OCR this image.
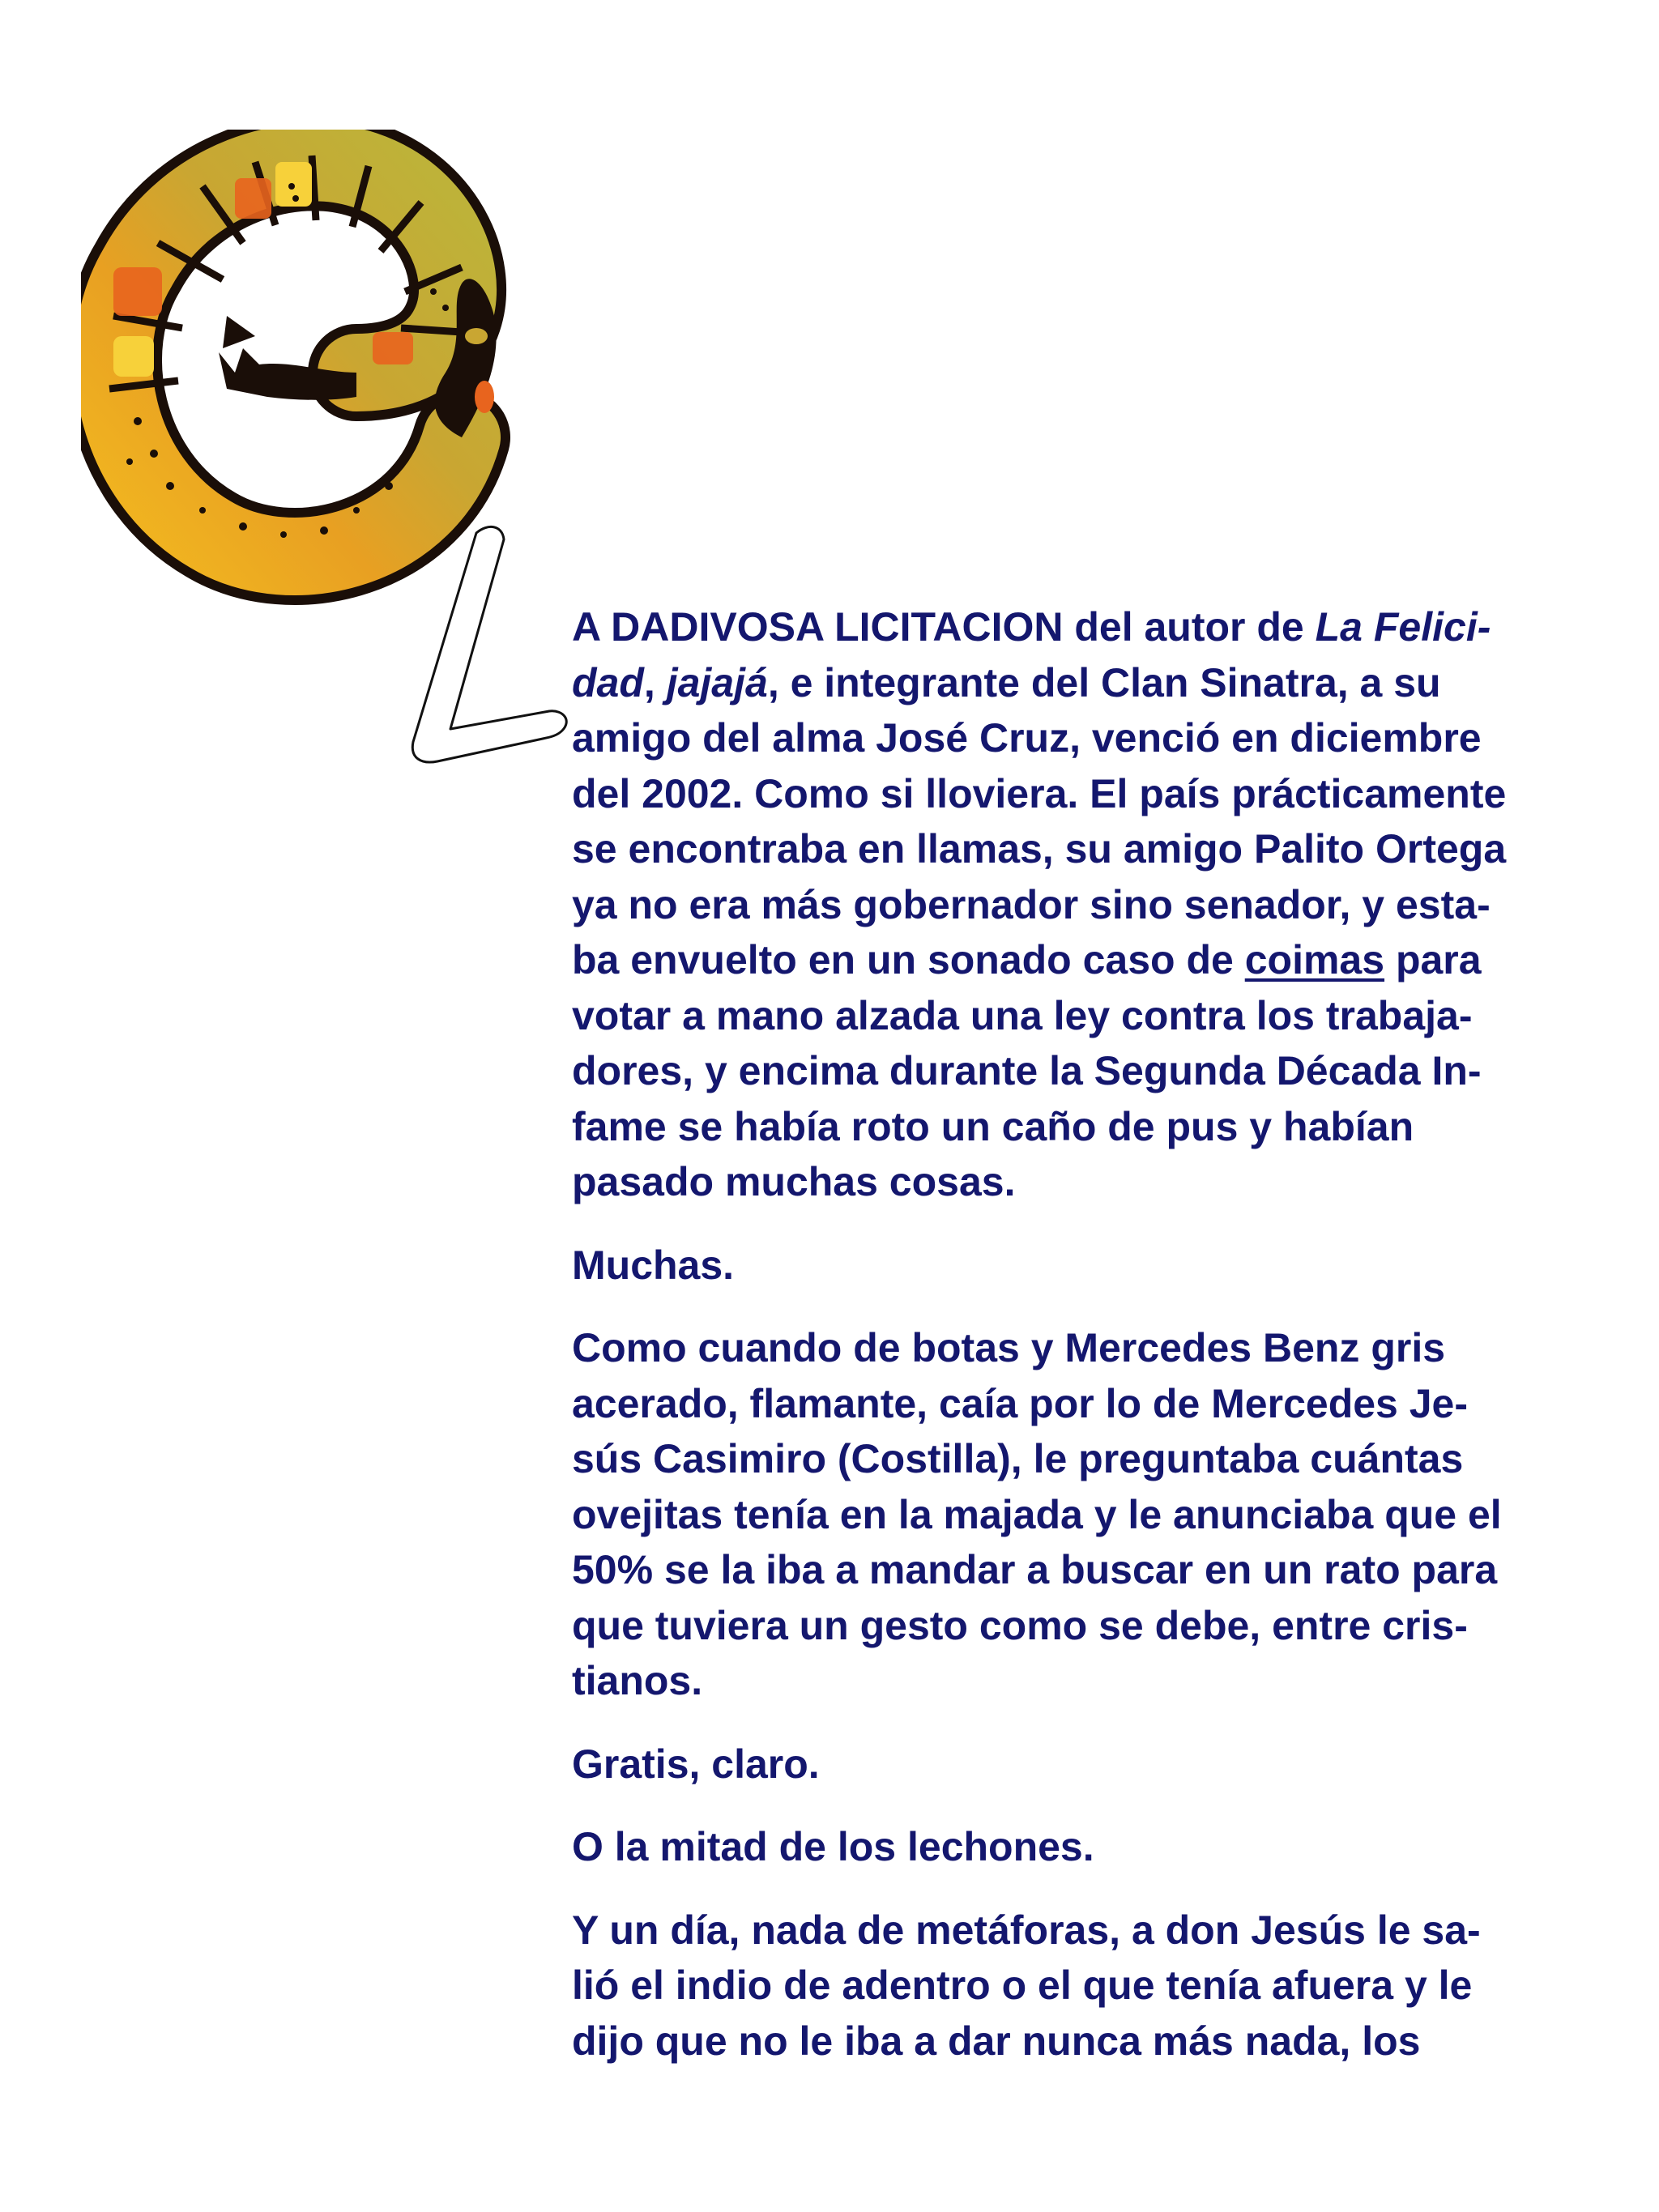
A DADIVOSA LICITACION del autor de La Felici-
dad, jajajá, e integrante del Clan Sinatra, a su
amigo del alma José Cruz, venció en diciembre
del 2002. Como si lloviera. El país prácticamente
se encontraba en llamas, su amigo Palito Ortega
ya no era más gobernador sino senador, y esta-
ba envuelto en un sonado caso de coimas para
votar a mano alzada una ley contra los trabaja-
dores, y encima durante la Segunda Década In-
fame se había roto un caño de pus y habían
pasado muchas cosas.

Muchas.

Como cuando de botas y Mercedes Benz gris
acerado, flamante, caía por lo de Mercedes Je-
sús Casimiro (Costilla), le preguntaba cuántas
ovejitas tenía en la majada y le anunciaba que el
50% se la iba a mandar a buscar en un rato para
que tuviera un gesto como se debe, entre cris-
tianos.

Gratis, claro.

O la mitad de los lechones.

Y un día, nada de metáforas, a don Jesús le sa-
lió el indio de adentro o el que tenía afuera y le
dijo que no le iba a dar nunca más nada, los
